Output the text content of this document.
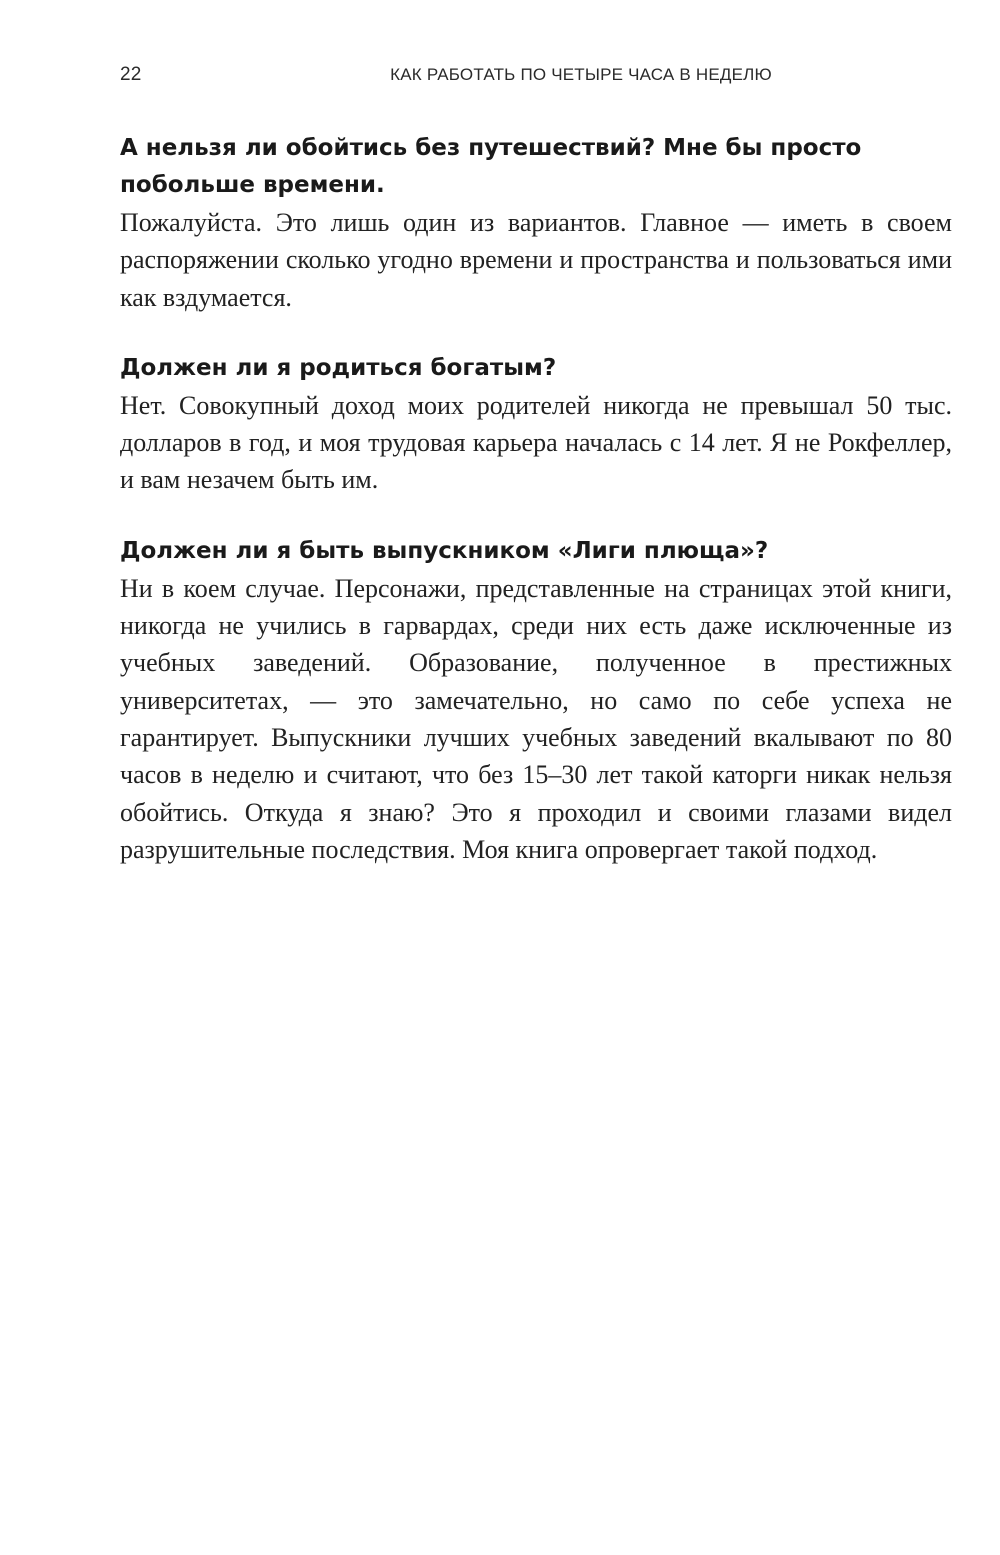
22	КАК РАБОТАТЬ ПО ЧЕТЫРЕ ЧАСА В НЕДЕЛЮ

А нельзя ли обойтись без путешествий? Мне бы просто побольше времени.

Пожалуйста. Это лишь один из вариантов. Главное — иметь в своем распоряжении сколько угодно времени и пространства и пользоваться ими как вздумается.

Должен ли я родиться богатым?

Нет. Совокупный доход моих родителей никогда не превышал 50 тыс. долларов в год, и моя трудовая карьера началась с 14 лет. Я не Рокфеллер, и вам незачем быть им.

Должен ли я быть выпускником «Лиги плюща»?

Ни в коем случае. Персонажи, представленные на страницах этой книги, никогда не учились в гарвардах, среди них есть даже исключенные из учебных заведений. Образование, полученное в престижных университетах, — это замечательно, но само по себе успеха не гарантирует. Выпускники лучших учебных заведений вкалывают по 80 часов в неделю и считают, что без 15–30 лет такой каторги никак нельзя обойтись. Откуда я знаю? Это я проходил и своими глазами видел разрушительные последствия. Моя книга опровергает такой подход.
